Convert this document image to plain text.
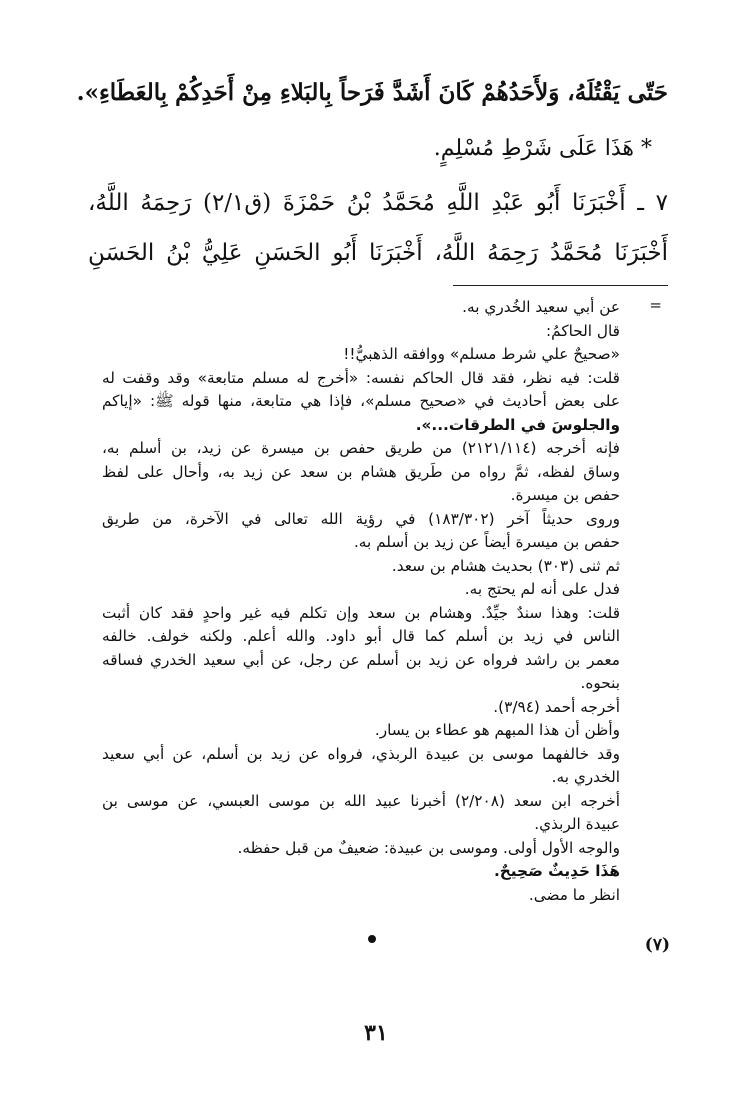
حَتّى يَقْتُلَهُ، وَلأَحَدُهُمْ كَانَ أَشَدَّ فَرَحاً بِالبَلاءِ مِنْ أَحَدِكُمْ بِالعَطَاءِ».
* هَذَا عَلَى شَرْطِ مُسْلِمٍ.
٧ ـ أَخْبَرَنَا أَبُو عَبْدِ اللَّهِ مُحَمَّدُ بْنُ حَمْزَةَ (ق٢/١) رَحِمَهُ اللَّهُ،
أَخْبَرَنَا مُحَمَّدُ رَحِمَهُ اللَّهُ، أَخْبَرَنَا أَبُو الحَسَنِ عَلِيُّ بْنُ الحَسَنِ
=
(٧)
عن أبي سعيد الخُدري به.
قال الحاكمُ:
«صحيحٌ علي شرط مسلم» ووافقه الذهبيُّ!!
قلت: فيه نظر، فقد قال الحاكم نفسه: «أخرج له مسلم متابعة» وقد وقفت له
على بعض أحاديث في «صحيح مسلم»، فإذا هي متابعة، منها قوله ﷺ: «إياكم
والجلوسَ في الطرقات...».
فإنه أخرجه (٢١٢١/١١٤) من طريق حفص بن ميسرة عن زيد، بن أسلم به،
وساق لفظه، ثمَّ رواه من طَريق هشام بن سعد عن زيد به، وأحال على لفظ
حفص بن ميسرة.
وروى حديثاً آخر (١٨٣/٣٠٢) في رؤية الله تعالى في الآخرة، من طريق
حفص بن ميسرة أيضاً عن زيد بن أسلم به.
ثم ثنى (٣٠٣) بحديث هشام بن سعد.
فدل على أنه لم يحتج به.
قلت: وهذا سندٌ جيِّدٌ. وهشام بن سعد وإن تكلم فيه غير واحدٍ فقد كان أثبت
الناس في زيد بن أسلم كما قال أبو داود. والله أعلم. ولكنه خولف. خالفه
معمر بن راشد فرواه عن زيد بن أسلم عن رجل، عن أبي سعيد الخدري فساقه
بنحوه.
أخرجه أحمد (٣/٩٤).
وأظن أن هذا المبهم هو عطاء بن يسار.
وقد خالفهما موسى بن عبيدة الربذي، فرواه عن زيد بن أسلم، عن أبي سعيد
الخدري به.
أخرجه ابن سعد (٢/٢٠٨) أخبرنا عبيد الله بن موسى العبسي، عن موسى بن
عبيدة الربذي.
والوجه الأول أولى. وموسى بن عبيدة: ضعيفٌ من قبل حفظه.
هَذَا حَدِيثٌ صَحِيحٌ.
انظر ما مضى.
٣١
